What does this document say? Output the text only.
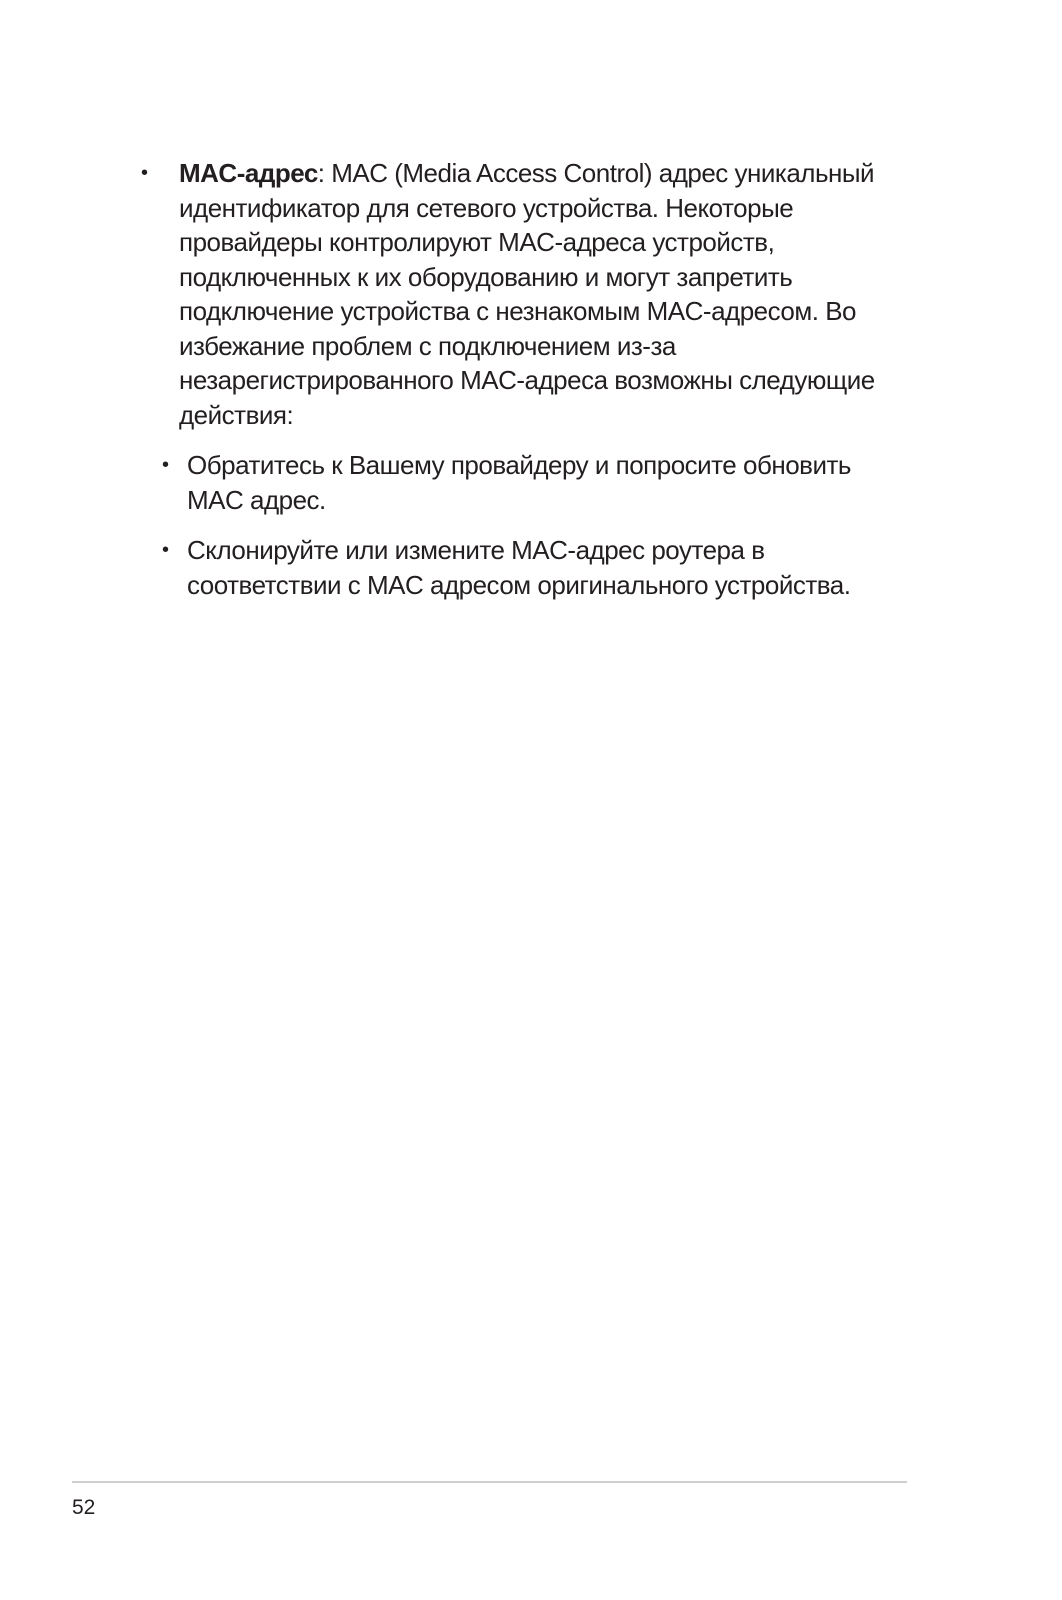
• MAC-адрес: MAC (Media Access Control) адрес уникальный идентификатор для сетевого устройства. Некоторые провайдеры контролируют MAC-адреса устройств, подключенных к их оборудованию и могут запретить подключение устройства с незнакомым MAC-адресом. Во избежание проблем с подключением из-за незарегистрированного MAC-адреса возможны следующие действия:
• Обратитесь к Вашему провайдеру и попросите обновить MAC адрес.
• Склонируйте или измените MAC-адрес роутера в соответствии с MAC адресом оригинального устройства.
52
